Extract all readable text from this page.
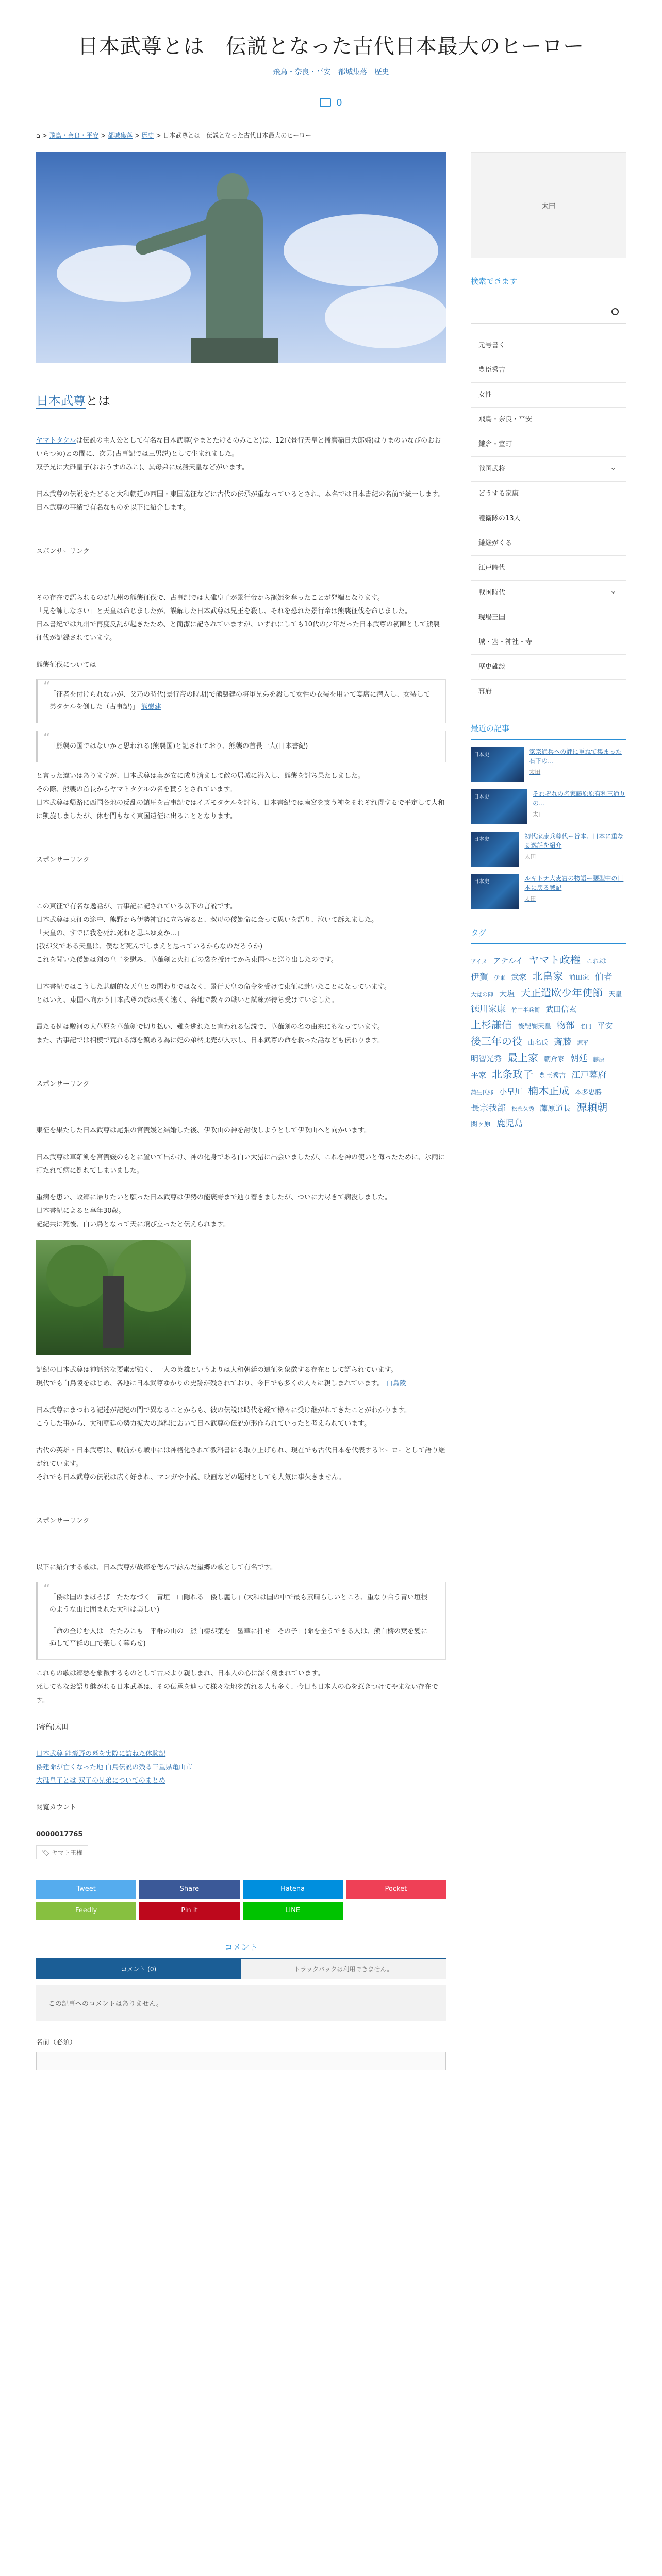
日本武尊とは　伝説となった古代日本最大のヒーロー
飛鳥・奈良・平安 都城集落 歴史
0
⌂ > 飛鳥・奈良・平安 > 都城集落 > 歴史 > 日本武尊とは　伝説となった古代日本最大のヒーロー
日本武尊とは

ヤマトタケルは伝説の主人公として有名な日本武尊(やまとたけるのみこと)は、12代景行天皇と播磨稲日大郎姫(はりまのいなびのおおいらつめ)との間に、次男(古事記では三男説)として生まれました。

双子兄に大碓皇子(おおうすのみこ)、異母弟に成務天皇などがいます。

日本武尊の伝説をたどると大和朝廷の西国・東国遠征などに古代の伝承が重なっているとされ、本名では日本書紀の名前で統一します。

日本武尊の事績で有名なものを以下に紹介します。

スポンサーリンク

その存在で語られるのが九州の熊襲征伐で、古事記では大碓皇子が景行帝から寵姫を奪ったことが発端となります。

「兄を諌しなさい」と天皇は命じましたが、誤解した日本武尊は兄王を殺し、それを恐れた景行帝は熊襲征伐を命じました。

日本書紀では九州で再度反乱が起きたため、と簡潔に記されていますが、いずれにしても10代の少年だった日本武尊の初陣として熊襲征伐が記録されています。

熊襲征伐については

“
「征者を付けられないが、父乃の時代(景行帝の時期)で熊襲建の将軍兄弟を殺して女性の衣装を用いて宴席に潜入し、女装して弟タケルを倒した（古事記)」 熊襲建
“
「熊襲の国ではないかと思われる(熊襲国)と記されており、熊襲の首長一人(日本書紀)」

と言った違いはありますが、日本武尊は奥が安に成り済まして敵の居城に潜入し、熊襲を討ち果たしました。

その際、熊襲の首長からヤマトタケルの名を貰うとされています。

日本武尊は帰路に西国各地の反乱の鎮圧を古事記ではイズモタケルを討ち、日本書紀では南宮を支う神をそれぞれ得するで平定して大和に凱旋しましたが、休む間もなく東国遠征に出ることとなります。

スポンサーリンク

この東征で有名な逸話が、古事記に記されている以下の言説です。

日本武尊は東征の途中、熊野から伊勢神宮に立ち寄ると、叔母の倭姫命に会って思いを語り、泣いて訴えました。

「天皇の、すでに我を死ね死ねと思ふゆゑか...」

(我が父である天皇は、僕など死んでしまえと思っているからなのだろうか)

これを聞いた倭姫は剣の皇子を慰み、草薙剣と火打石の袋を授けてから東国へと送り出したのです。

日本書紀ではこうした悲劇的な天皇との関わりではなく、景行天皇の命令を受けて東征に赴いたことになっています。

とはいえ、東国へ向かう日本武尊の旅は長く遠く、各地で数々の戦いと試練が待ち受けていました。

最たる例は駿河の大草原を草薙剣で切り払い、難を逃れたと言われる伝説で、草薙剣の名の由来にもなっています。

また、古事記では相模で荒れる海を鎮める為に妃の弟橘比売が入水し、日本武尊の命を救った話なども伝わります。

スポンサーリンク

東征を果たした日本武尊は尾張の宮簀媛と結婚した後、伊吹山の神を討伐しようとして伊吹山へと向かいます。

日本武尊は草薙剣を宮簀媛のもとに置いて出かけ、神の化身である白い大猪に出会いましたが、これを神の使いと侮ったために、氷雨に打たれて病に倒れてしまいました。

重病を患い、故郷に帰りたいと願った日本武尊は伊勢の能褒野まで辿り着きましたが、ついに力尽きて病没しました。

日本書紀によると享年30歳。

記紀共に死後、白い鳥となって天に飛び立ったと伝えられます。

記紀の日本武尊は神話的な要素が強く、一人の英雄というよりは大和朝廷の遠征を象徴する存在として語られています。

現代でも白鳥陵をはじめ、各地に日本武尊ゆかりの史跡が残されており、今日でも多くの人々に親しまれています。 白鳥陵

日本武尊にまつわる記述が記紀の間で異なることからも、彼の伝説は時代を経て様々に受け継がれてきたことがわかります。

こうした事から、大和朝廷の勢力拡大の過程において日本武尊の伝説が形作られていったと考えられています。

古代の英雄・日本武尊は、戦前から戦中には神格化されて教科書にも取り上げられ、現在でも古代日本を代表するヒーローとして語り継がれています。

それでも日本武尊の伝説は広く好まれ、マンガや小説、映画などの題材としても人気に事欠きません。

スポンサーリンク

以下に紹介する歌は、日本武尊が故郷を偲んで詠んだ望郷の歌として有名です。

“

「倭は国のまほろば　たたなづく　青垣　山隠れる　倭し麗し」(大和は国の中で最も素晴らしいところ、重なり合う青い垣根のような山に囲まれた大和は美しい)

「命の全けむ人は　たたみこも　平群の山の　熊白檮が葉を　髻華に挿せ　その子」(命を全うできる人は、熊白檮の葉を髪に挿して平群の山で楽しく暮らせ)

これらの歌は郷愁を象徴するものとして古来より親しまれ、日本人の心に深く刻まれています。

死してもなお語り継がれる日本武尊は、その伝承を辿って様々な地を訪れる人も多く、今日も日本人の心を惹きつけてやまない存在です。

(寄稿)太田

日本武尊 能褒野の墓を実際に訪ねた体験記
倭建命が亡くなった地 白鳥伝説の残る三重県亀山市
大碓皇子とは 双子の兄弟についてのまとめ

閲覧カウント

0000017765

🏷 ヤマト王権
Tweet	Share	Hatena	Pocket
Feedly	Pin it	LINE
コメント
コメント (0)	トラックバックは利用できません。
この記事へのコメントはありません。
名前（必須）
太田
検索できます
元号書く
豊臣秀吉
女性
飛鳥・奈良・平安
鎌倉・室町
戦国武将 ⌄
どうする家康
護衛隊の13人
鎌継がくる
江戸時代
戦国時代 ⌄
現場王国
城・塞・神社・寺
歴史雑談
幕府
最近の記事
日本史	家宗通兵への評に重ねて集まった右下の…
太田
日本史	それぞれの名家藤原原有利三通りの…
太田
日本史	初代家康兵尊代ー旨本、日本に重なる逸話を紹介
太田
日本史	ルキトナ大麦宮の物語ー腰型中の日本に戻る戦記
太田
タグ
アイヌ アテルイ ヤマト政権 これは 伊賀 伊東 武家 北畠家 前田家 伯者 大覚の陣 大塩 天正遣欧少年使節 天皇 徳川家康 竹中半兵衛 武田信玄 上杉謙信 後醍醐天皇 物部 名門 平安 後三年の役 山名氏 斎藤 源平 明智光秀 最上家 朝倉家 朝廷 藤原 平家 北条政子 豊臣秀吉 江戸幕府 蒲生氏郷 小早川 楠木正成 本多忠勝 長宗我部 松永久秀 藤原道長 源頼朝 関ヶ原 鹿児島
